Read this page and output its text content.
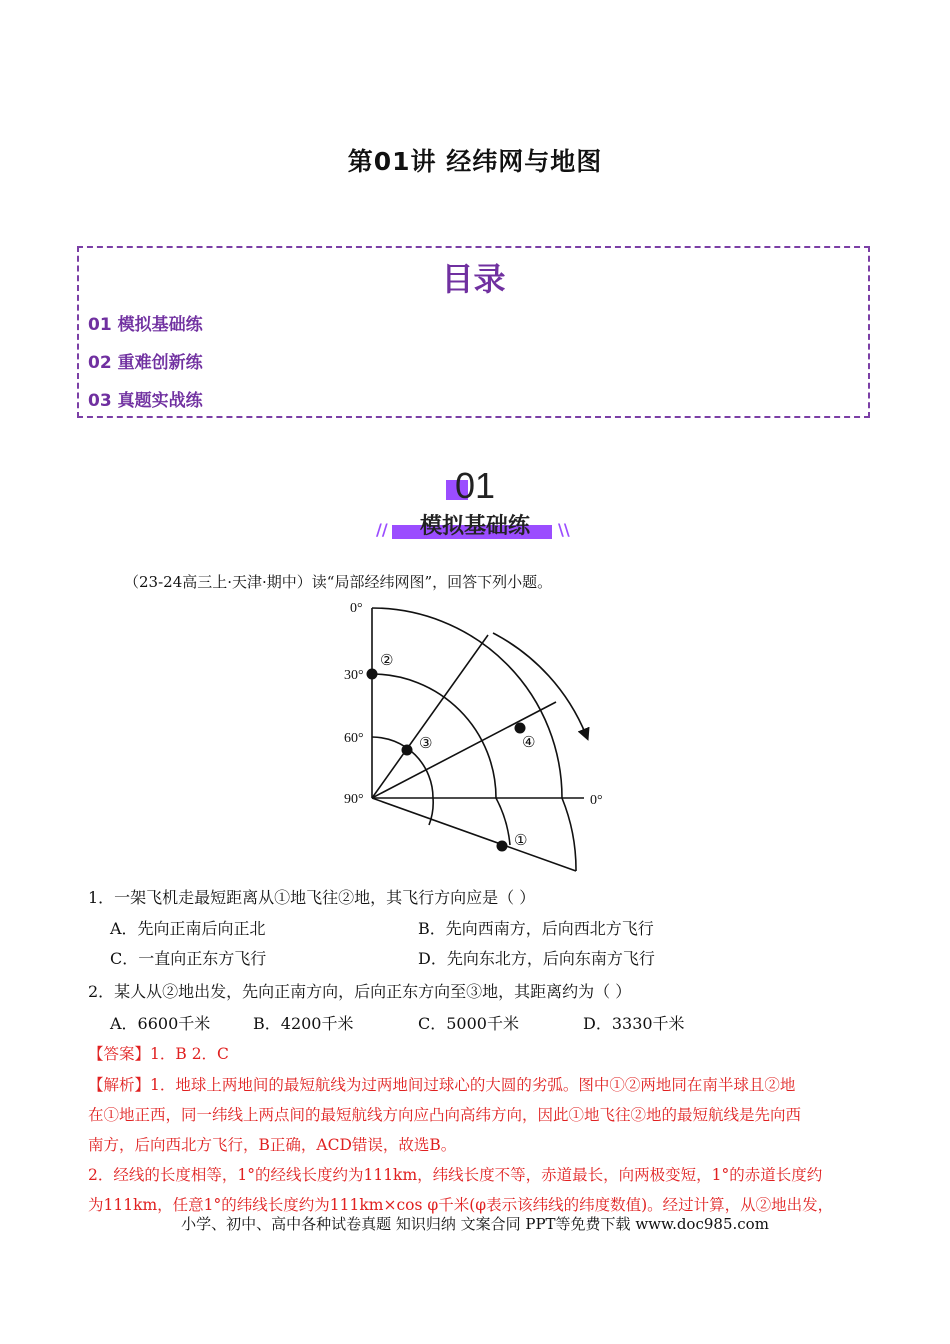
第01讲 经纬网与地图
目录
01 模拟基础练
02 重难创新练
03 真题实战练
01
//	\\
模拟基础练
（23-24高三上·天津·期中）读“局部经纬网图”，回答下列小题。
0°
30°
60°
90°	0°
②
③	④
①
1．一架飞机走最短距离从①地飞往②地，其飞行方向应是（ ）
A．先向正南后向正北	B．先向西南方，后向西北方飞行
C．一直向正东方飞行	D．先向东北方，后向东南方飞行
2．某人从②地出发，先向正南方向，后向正东方向至③地，其距离约为（ ）
A．6600千米	B．4200千米	C．5000千米	D．3330千米
【答案】1．B 2．C
【解析】1．地球上两地间的最短航线为过两地间过球心的大圆的劣弧。图中①②两地同在南半球且②地
在①地正西，同一纬线上两点间的最短航线方向应凸向高纬方向，因此①地飞往②地的最短航线是先向西
南方，后向西北方飞行，B正确，ACD错误，故选B。
2．经线的长度相等，1°的经线长度约为111km，纬线长度不等，赤道最长，向两极变短，1°的赤道长度约
为111km，任意1°的纬线长度约为111km×cos φ千米(φ表示该纬线的纬度数值)。经过计算，从②地出发，
小学、初中、高中各种试卷真题 知识归纳 文案合同 PPT等免费下载 www.doc985.com
